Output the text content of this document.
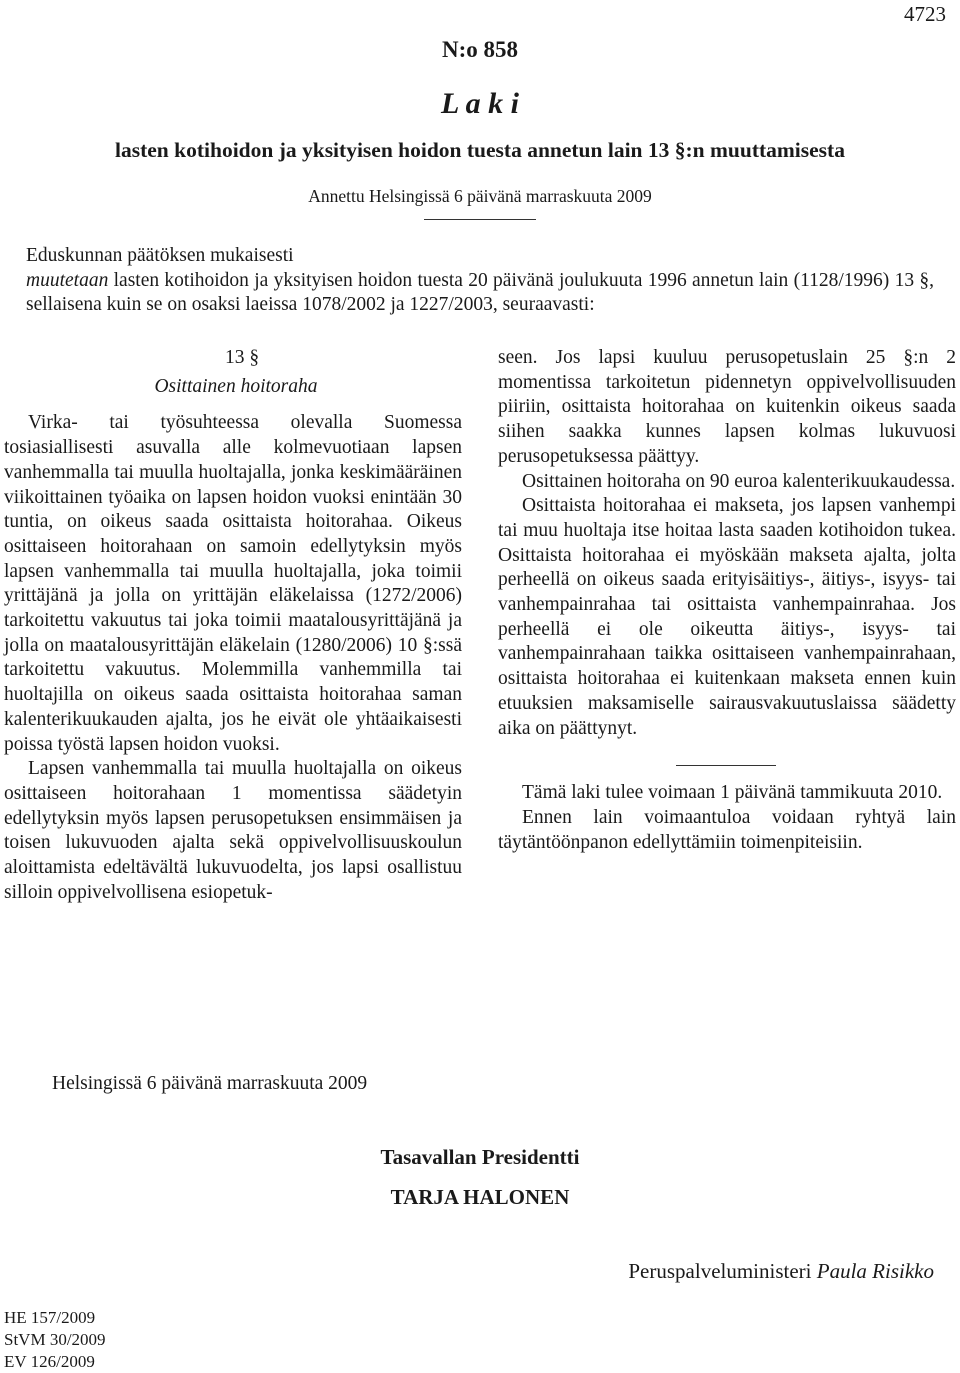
4723
N:o 858
L a k i
lasten kotihoidon ja yksityisen hoidon tuesta annetun lain 13 §:n muuttamisesta
Annettu Helsingissä 6 päivänä marraskuuta 2009

Eduskunnan päätöksen mukaisesti

muutetaan lasten kotihoidon ja yksityisen hoidon tuesta 20 päivänä joulukuuta 1996 annetun lain (1128/1996) 13 §, sellaisena kuin se on osaksi laeissa 1078/2002 ja 1227/2003, seuraavasti:

13 §
Osittainen hoitoraha

Virka- tai työsuhteessa olevalla Suomessa tosiasiallisesti asuvalla alle kolmevuotiaan lapsen vanhemmalla tai muulla huoltajalla, jonka keskimääräinen viikoittainen työaika on lapsen hoidon vuoksi enintään 30 tuntia, on oikeus saada osittaista hoitorahaa. Oikeus osittaiseen hoitorahaan on samoin edellytyksin myös lapsen vanhemmalla tai muulla huoltajalla, joka toimii yrittäjänä ja jolla on yrittäjän eläkelaissa (1272/2006) tarkoitettu vakuutus tai joka toimii maatalousyrittäjänä ja jolla on maatalousyrittäjän eläkelain (1280/2006) 10 §:ssä tarkoitettu vakuutus. Molemmilla vanhemmilla tai huoltajilla on oikeus saada osittaista hoitorahaa saman kalenterikuukauden ajalta, jos he eivät ole yhtäaikaisesti poissa työstä lapsen hoidon vuoksi.

Lapsen vanhemmalla tai muulla huoltajalla on oikeus osittaiseen hoitorahaan 1 momentissa säädetyin edellytyksin myös lapsen perusopetuksen ensimmäisen ja toisen lukuvuoden ajalta sekä oppivelvollisuuskoulun aloittamista edeltävältä lukuvuodelta, jos lapsi osallistuu silloin oppivelvollisena esiopetuk-

seen. Jos lapsi kuuluu perusopetuslain 25 §:n 2 momentissa tarkoitetun pidennetyn oppivelvollisuuden piiriin, osittaista hoitorahaa on kuitenkin oikeus saada siihen saakka kunnes lapsen kolmas lukuvuosi perusopetuksessa päättyy.

Osittainen hoitoraha on 90 euroa kalenterikuukaudessa.

Osittaista hoitorahaa ei makseta, jos lapsen vanhempi tai muu huoltaja itse hoitaa lasta saaden kotihoidon tukea. Osittaista hoitorahaa ei myöskään makseta ajalta, jolta perheellä on oikeus saada erityisäitiys-, äitiys-, isyys- tai vanhempainrahaa tai osittaista vanhempainrahaa. Jos perheellä ei ole oikeutta äitiys-, isyys- tai vanhempainrahaan taikka osittaiseen vanhempainrahaan, osittaista hoitorahaa ei kuitenkaan makseta ennen kuin etuuksien maksamiselle sairausvakuutuslaissa säädetty aika on päättynyt.

Tämä laki tulee voimaan 1 päivänä tammikuuta 2010.

Ennen lain voimaantuloa voidaan ryhtyä lain täytäntöönpanon edellyttämiin toimenpiteisiin.

Helsingissä 6 päivänä marraskuuta 2009
Tasavallan Presidentti
TARJA HALONEN
Peruspalveluministeri Paula Risikko
HE 157/2009
StVM 30/2009
EV 126/2009
